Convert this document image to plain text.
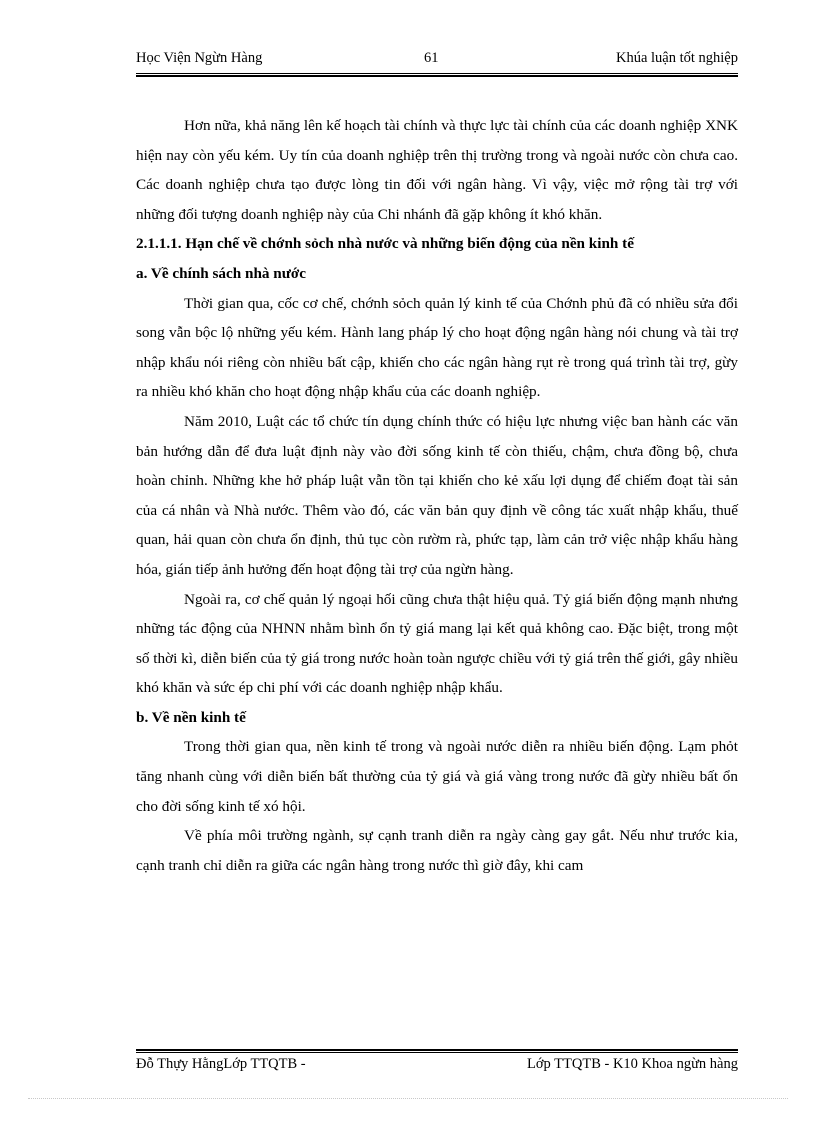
Học Viện Ngừn Hàng	61	Khúa luận tốt nghiệp

Hơn nữa, khả năng lên kế hoạch tài chính và thực lực tài chính của các doanh nghiệp XNK hiện nay còn yếu kém. Uy tín của doanh nghiệp trên thị trường trong và ngoài nước còn chưa cao. Các doanh nghiệp chưa tạo được lòng tin đối với ngân hàng. Vì vậy, việc mở rộng tài trợ với những đối tượng doanh nghiệp này của Chi nhánh đã gặp không ít khó khăn.

2.1.1.1. Hạn chế về chớnh sỏch nhà nước và những biến động của nền kinh tế

a. Về chính sách nhà nước

Thời gian qua, cốc cơ chế, chớnh sỏch quản lý kinh tế của Chớnh phủ đã có nhiều sửa đổi song vẫn bộc lộ những yếu kém. Hành lang pháp lý cho hoạt động ngân hàng nói chung và tài trợ nhập khẩu nói riêng còn nhiều bất cập, khiến cho các ngân hàng rụt rè trong quá trình tài trợ, gừy ra nhiều khó khăn cho hoạt động nhập khẩu của các doanh nghiệp.

Năm 2010, Luật các tổ chức tín dụng chính thức có hiệu lực nhưng việc ban hành các văn bản hướng dẫn để đưa luật định này vào đời sống kinh tế còn thiếu, chậm, chưa đồng bộ, chưa hoàn chỉnh. Những khe hở pháp luật vẫn tồn tại khiến cho kẻ xấu lợi dụng để chiếm đoạt tài sản của cá nhân và Nhà nước. Thêm vào đó, các văn bản quy định về công tác xuất nhập khẩu, thuế quan, hải quan còn chưa ổn định, thủ tục còn rườm rà, phức tạp, làm cản trở việc nhập khẩu hàng hóa, gián tiếp ảnh hưởng đến hoạt động tài trợ của ngừn hàng.

Ngoài ra, cơ chế quản lý ngoại hối cũng chưa thật hiệu quả. Tỷ giá biến động mạnh nhưng những tác động của NHNN nhằm bình ổn tỷ giá mang lại kết quả không cao. Đặc biệt, trong một số thời kì, diễn biến của tỷ giá trong nước hoàn toàn ngược chiều với tỷ giá trên thế giới, gây nhiều khó khăn và sức ép chi phí với các doanh nghiệp nhập khẩu.

b. Về nền kinh tế

Trong thời gian qua, nền kinh tế trong và ngoài nước diễn ra nhiều biến động. Lạm phỏt tăng nhanh cùng với diễn biến bất thường của tỷ giá và giá vàng trong nước đã gừy nhiều bất ổn cho đời sống kinh tế xó hội.

Về phía môi trường ngành, sự cạnh tranh diễn ra ngày càng gay gắt. Nếu như trước kia, cạnh tranh chỉ diễn ra giữa các ngân hàng trong nước thì giờ đây, khi cam

Đỗ Thựy HằngLớp TTQTB -	Lớp TTQTB - K10 Khoa ngừn hàng
